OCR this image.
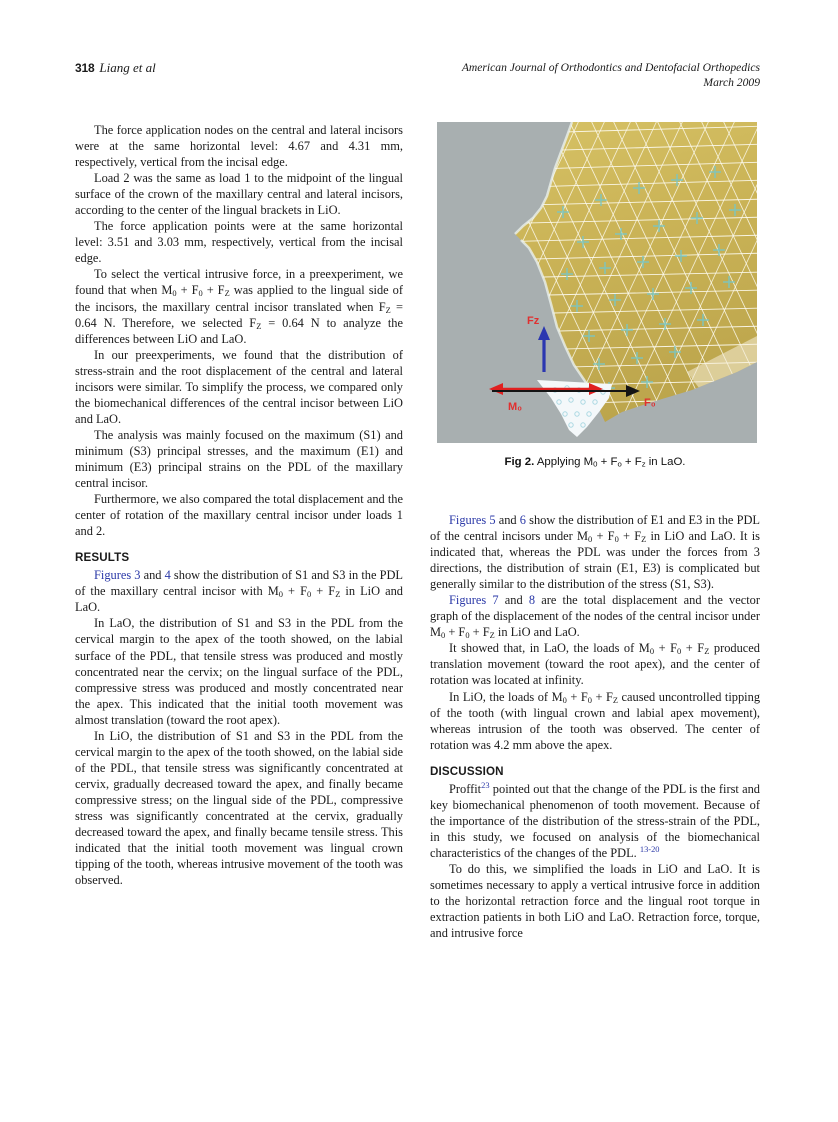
318 Liang et al	American Journal of Orthodontics and Dentofacial Orthopedics
March 2009
Fz
M₀	F₀
Fig 2. Applying $M_0 + F_o + F_z$ in LaO.

The force application nodes on the central and lateral incisors were at the same horizontal level: 4.67 and 4.31 mm, respectively, vertical from the incisal edge.

Load 2 was the same as load 1 to the midpoint of the lingual surface of the crown of the maxillary central and lateral incisors, according to the center of the lingual brackets in LiO.

The force application points were at the same horizontal level: 3.51 and 3.03 mm, respectively, vertical from the incisal edge.

To select the vertical intrusive force, in a preexperiment, we found that when $M_0 + F_0 + F_Z$ was applied to the lingual side of the incisors, the maxillary central incisor translated when $F_Z = 0.64$ N. Therefore, we selected $F_Z = 0.64$ N to analyze the differences between LiO and LaO.

In our preexperiments, we found that the distribution of stress-strain and the root displacement of the central and lateral incisors were similar. To simplify the process, we compared only the biomechanical differences of the central incisor between LiO and LaO.

The analysis was mainly focused on the maximum (S1) and minimum (S3) principal stresses, and the maximum (E1) and minimum (E3) principal strains on the PDL of the maxillary central incisor.

Furthermore, we also compared the total displacement and the center of rotation of the maxillary central incisor under loads 1 and 2.

RESULTS

Figures 3 and 4 show the distribution of S1 and S3 in the PDL of the maxillary central incisor with $M_0 + F_0 + F_Z$ in LiO and LaO.

In LaO, the distribution of S1 and S3 in the PDL from the cervical margin to the apex of the tooth showed, on the labial surface of the PDL, that tensile stress was produced and mostly concentrated near the cervix; on the lingual surface of the PDL, compressive stress was produced and mostly concentrated near the apex. This indicated that the initial tooth movement was almost translation (toward the root apex).

In LiO, the distribution of S1 and S3 in the PDL from the cervical margin to the apex of the tooth showed, on the labial side of the PDL, that tensile stress was significantly concentrated at cervix, gradually decreased toward the apex, and finally became compressive stress; on the lingual side of the PDL, compressive stress was significantly concentrated at the cervix, gradually decreased toward the apex, and finally became tensile stress. This indicated that the initial tooth movement was lingual crown tipping of the tooth, whereas intrusive movement of the tooth was observed.

Figures 5 and 6 show the distribution of E1 and E3 in the PDL of the central incisors under $M_0 + F_0 + F_Z$ in LiO and LaO. It is indicated that, whereas the PDL was under the forces from 3 directions, the distribution of strain (E1, E3) is complicated but generally similar to the distribution of the stress (S1, S3).

Figures 7 and 8 are the total displacement and the vector graph of the displacement of the nodes of the central incisor under $M_0 + F_0 + F_Z$ in LiO and LaO.

It showed that, in LaO, the loads of $M_0 + F_0 + F_Z$ produced translation movement (toward the root apex), and the center of rotation was located at infinity.

In LiO, the loads of $M_0 + F_0 + F_Z$ caused uncontrolled tipping of the tooth (with lingual crown and labial apex movement), whereas intrusion of the tooth was observed. The center of rotation was 4.2 mm above the apex.

DISCUSSION

Proffit$^{23}$ pointed out that the change of the PDL is the first and key biomechanical phenomenon of tooth movement. Because of the importance of the distribution of the stress-strain of the PDL, in this study, we focused on analysis of the biomechanical characteristics of the changes of the PDL. $^{13-20}$

To do this, we simplified the loads in LiO and LaO. It is sometimes necessary to apply a vertical intrusive force in addition to the horizontal retraction force and the lingual root torque in extraction patients in both LiO and LaO. Retraction force, torque, and intrusive force
